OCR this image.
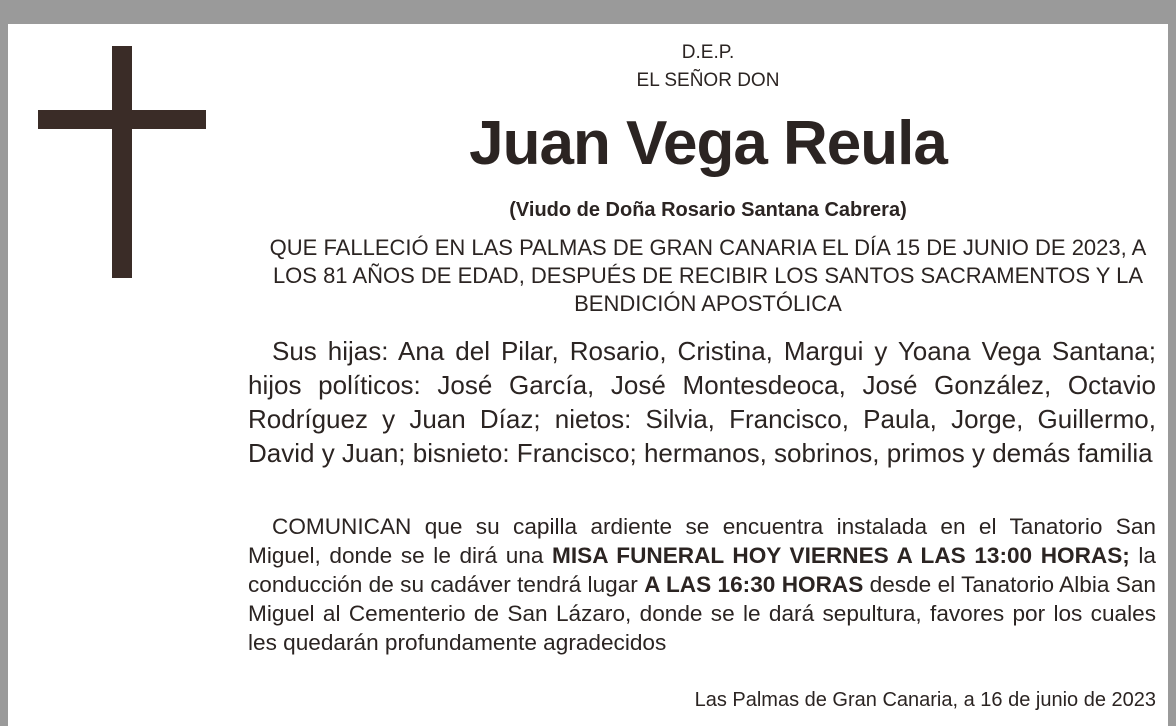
D.E.P.
EL SEÑOR DON
Juan Vega Reula
(Viudo de Doña Rosario Santana Cabrera)
QUE FALLECIÓ EN LAS PALMAS DE GRAN CANARIA EL DÍA 15 DE JUNIO DE 2023, A LOS 81 AÑOS DE EDAD, DESPUÉS DE RECIBIR LOS SANTOS SACRAMENTOS Y LA BENDICIÓN APOSTÓLICA
Sus hijas: Ana del Pilar, Rosario, Cristina, Margui y Yoana Vega Santana; hijos políticos: José García, José Montesdeoca, José González, Octavio Rodríguez y Juan Díaz; nietos: Silvia, Francisco, Paula, Jorge, Guillermo, David y Juan; bisnieto: Francisco; hermanos, sobrinos, primos y demás familia
COMUNICAN que su capilla ardiente se encuentra instalada en el Tanatorio San Miguel, donde se le dirá una MISA FUNERAL HOY VIERNES A LAS 13:00 HORAS; la conducción de su cadáver tendrá lugar A LAS 16:30 HORAS desde el Tanatorio Albia San Miguel al Cementerio de San Lázaro, donde se le dará sepultura, favores por los cuales les quedarán profundamente agradecidos
Las Palmas de Gran Canaria, a 16 de junio de 2023
